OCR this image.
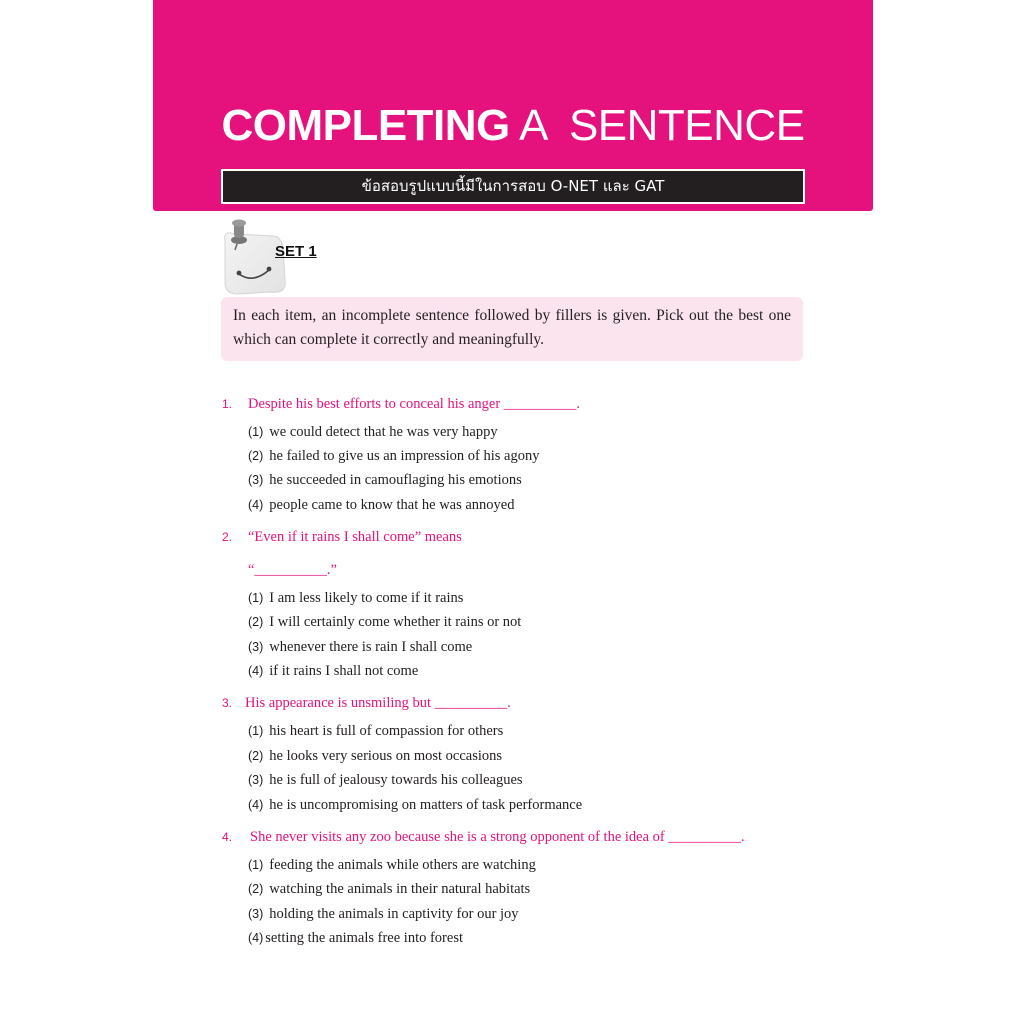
COMPLETING A  SENTENCE
ข้อสอบรูปแบบนี้มีในการสอบ O-NET และ GAT
SET 1
In each item, an incomplete sentence followed by fillers is given. Pick out the best one which can complete it correctly and meaningfully.
1. Despite his best efforts to conceal his anger __________.
(1) we could detect that he was very happy
(2) he failed to give us an impression of his agony
(3) he succeeded in camouflaging his emotions
(4) people came to know that he was annoyed
2. “Even if it rains I shall come” means
“__________.”
(1) I am less likely to come if it rains
(2) I will certainly come whether it rains or not
(3) whenever there is rain I shall come
(4) if it rains I shall not come
3. His appearance is unsmiling but __________.
(1) his heart is full of compassion for others
(2) he looks very serious on most occasions
(3) he is full of jealousy towards his colleagues
(4) he is uncompromising on matters of task performance
4. She never visits any zoo because she is a strong opponent of the idea of __________.
(1) feeding the animals while others are watching
(2) watching the animals in their natural habitats
(3) holding the animals in captivity for our joy
(4) setting the animals free into forest
